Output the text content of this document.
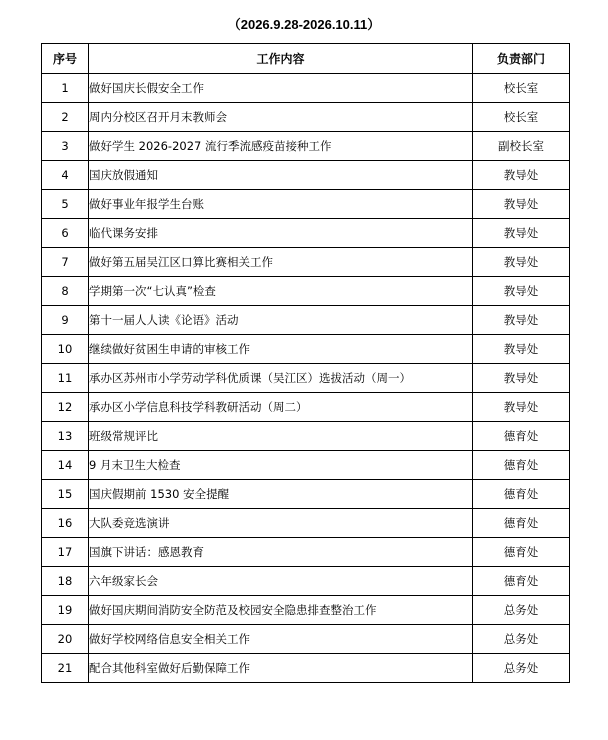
（2026.9.28-2026.10.11）
序号	工作内容	负责部门
1	做好国庆长假安全工作	校长室
2	周内分校区召开月末教师会	校长室
3	做好学生 2026-2027 流行季流感疫苗接种工作	副校长室
4	国庆放假通知	教导处
5	做好事业年报学生台账	教导处
6	临代课务安排	教导处
7	做好第五届吴江区口算比赛相关工作	教导处
8	学期第一次“七认真”检查	教导处
9	第十一届人人读《论语》活动	教导处
10	继续做好贫困生申请的审核工作	教导处
11	承办区苏州市小学劳动学科优质课（吴江区）选拔活动（周一）	教导处
12	承办区小学信息科技学科教研活动（周二）	教导处
13	班级常规评比	德育处
14	9 月末卫生大检查	德育处
15	国庆假期前 1530 安全提醒	德育处
16	大队委竞选演讲	德育处
17	国旗下讲话：感恩教育	德育处
18	六年级家长会	德育处
19	做好国庆期间消防安全防范及校园安全隐患排查整治工作	总务处
20	做好学校网络信息安全相关工作	总务处
21	配合其他科室做好后勤保障工作	总务处
